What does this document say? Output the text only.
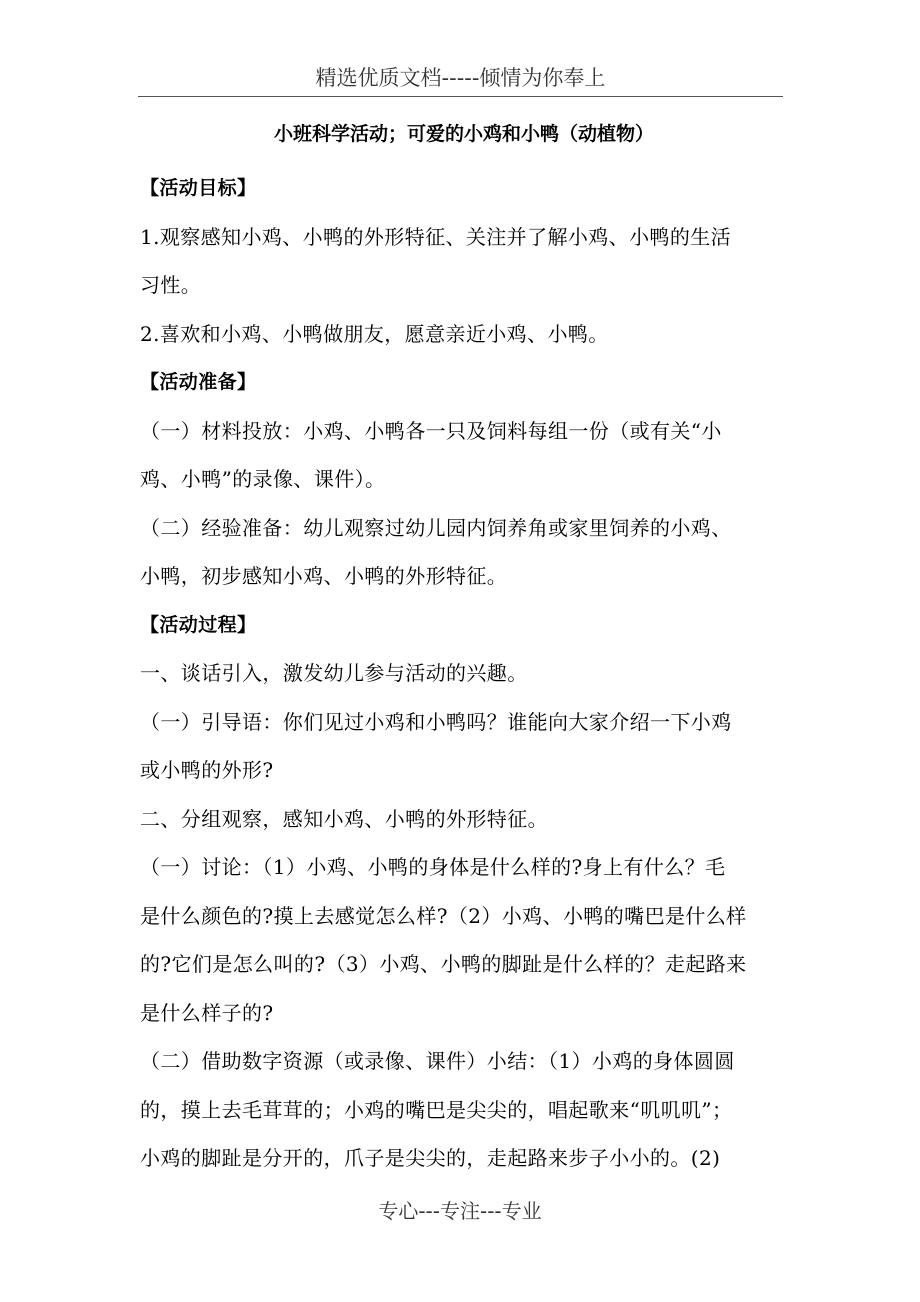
精选优质文档-----倾情为你奉上
小班科学活动；可爱的小鸡和小鸭（动植物）
【活动目标】
1.观察感知小鸡、小鸭的外形特征、关注并了解小鸡、小鸭的生活
习性。
2.喜欢和小鸡、小鸭做朋友，愿意亲近小鸡、小鸭。
【活动准备】
（一）材料投放：小鸡、小鸭各一只及饲料每组一份（或有关“小
鸡、小鸭”的录像、课件）。
（二）经验准备：幼儿观察过幼儿园内饲养角或家里饲养的小鸡、
小鸭，初步感知小鸡、小鸭的外形特征。
【活动过程】
一、谈话引入，激发幼儿参与活动的兴趣。
（一）引导语：你们见过小鸡和小鸭吗？谁能向大家介绍一下小鸡
或小鸭的外形?
二、分组观察，感知小鸡、小鸭的外形特征。
（一）讨论：（1）小鸡、小鸭的身体是什么样的?身上有什么？毛
是什么颜色的?摸上去感觉怎么样?（2）小鸡、小鸭的嘴巴是什么样
的?它们是怎么叫的?（3）小鸡、小鸭的脚趾是什么样的？走起路来
是什么样子的?
（二）借助数字资源（或录像、课件）小结：（1）小鸡的身体圆圆
的，摸上去毛茸茸的；小鸡的嘴巴是尖尖的，唱起歌来“叽叽叽”；
小鸡的脚趾是分开的，爪子是尖尖的，走起路来步子小小的。(2)
专心---专注---专业
